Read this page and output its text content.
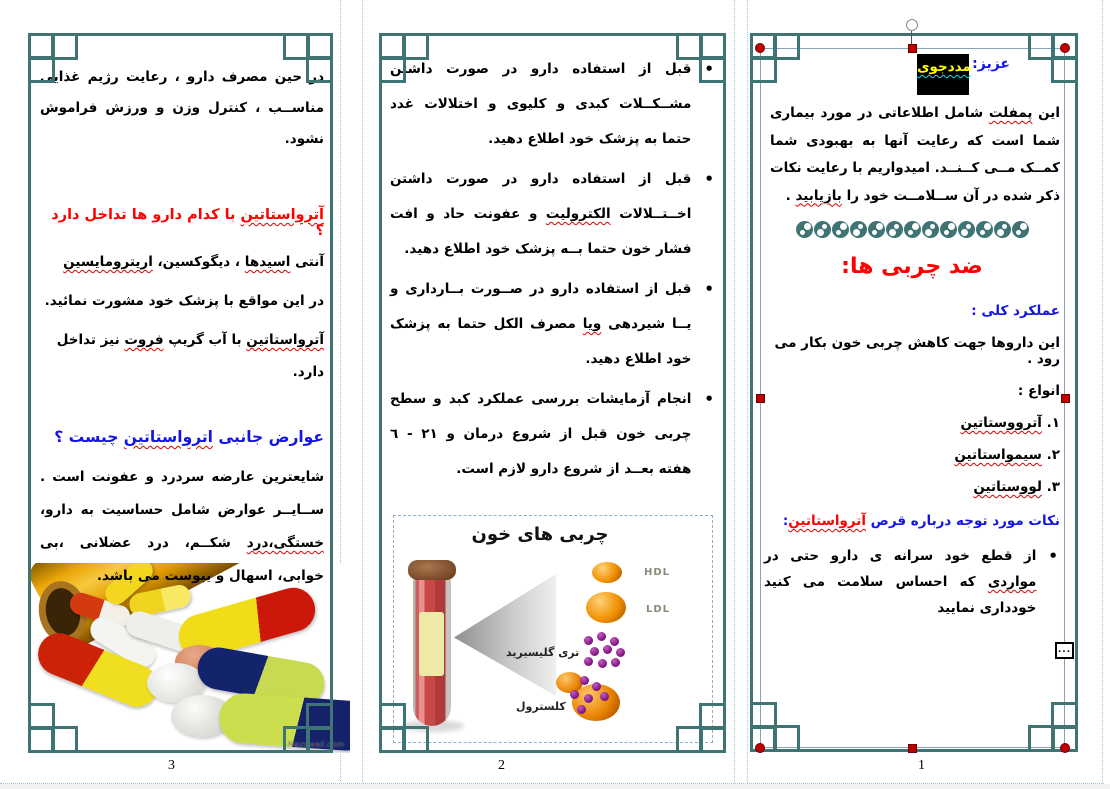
...
مددجوی عزیز:

این پمفلت شامل اطلاعاتی در مورد بیماری شما است که رعایت آنها به بهبودی شما کمــک مــی کــنــد. امیدواریم با رعایت نکات ذکر شده در آن ســلامــت خود را بازیابید .

ضد چربی ها:
عملکرد کلی :
این داروها جهت کاهش چربی خون بکار می رود .
انواع :
۱. آترووستاتین
۲. سیمواستاتین
۳. لووستاتین
نکات مورد توجه درباره قرص آترواستاتین:
•

از قطع خود سرانه ی دارو حتی در مواردی که احساس سلامت می کنید خودداری نمایید

•

قبل از استفاده دارو در صورت داشتن مشــکــلات کبدی و کلیوی و اختلالات غدد حتما به پزشک خود اطلاع دهید.

•

قبل از استفاده دارو در صورت داشتن اخــتــلالات الکترولیت و عفونت حاد و افت فشار خون حتما بــه پزشک خود اطلاع دهید.

•

قبل از استفاده دارو در صــورت بــارداری و یــا شیردهی ویا مصرف الکل حتما به پزشک خود اطلاع دهید.

•

انجام آزمایشات بررسی عملکرد کبد و سطح چربی خون قبل از شروع درمان و ۲۱ - ٦ هفته بعــد از شروع دارو لازم است.

چربی های خون
HDL
LDL
تری گلیسیرید
کلسترول

در حین مصرف دارو ، رعایت رژیم غذایی مناســب ، کنترل وزن و ورزش فراموش نشود.

آترواستاتین با کدام دارو ها تداخل دارد ؟
آنتی اسیدها ، دیگوکسین، اریترومایسین
در این مواقع با پزشک خود مشورت نمائید.
آترواستاتین با آب گریپ فروت نیز تداخل دارد.
عوارض جانبی اترواستاتین چیست ؟

شایعترین عارضه سردرد و عفونت است . ســایــر عوارض شامل حساسیت به دارو، خستگی،درد شکــم، درد عضلانی ،بی خوابی، اسهال و یبوست می باشد.

Mezowall.com
3	2	1
